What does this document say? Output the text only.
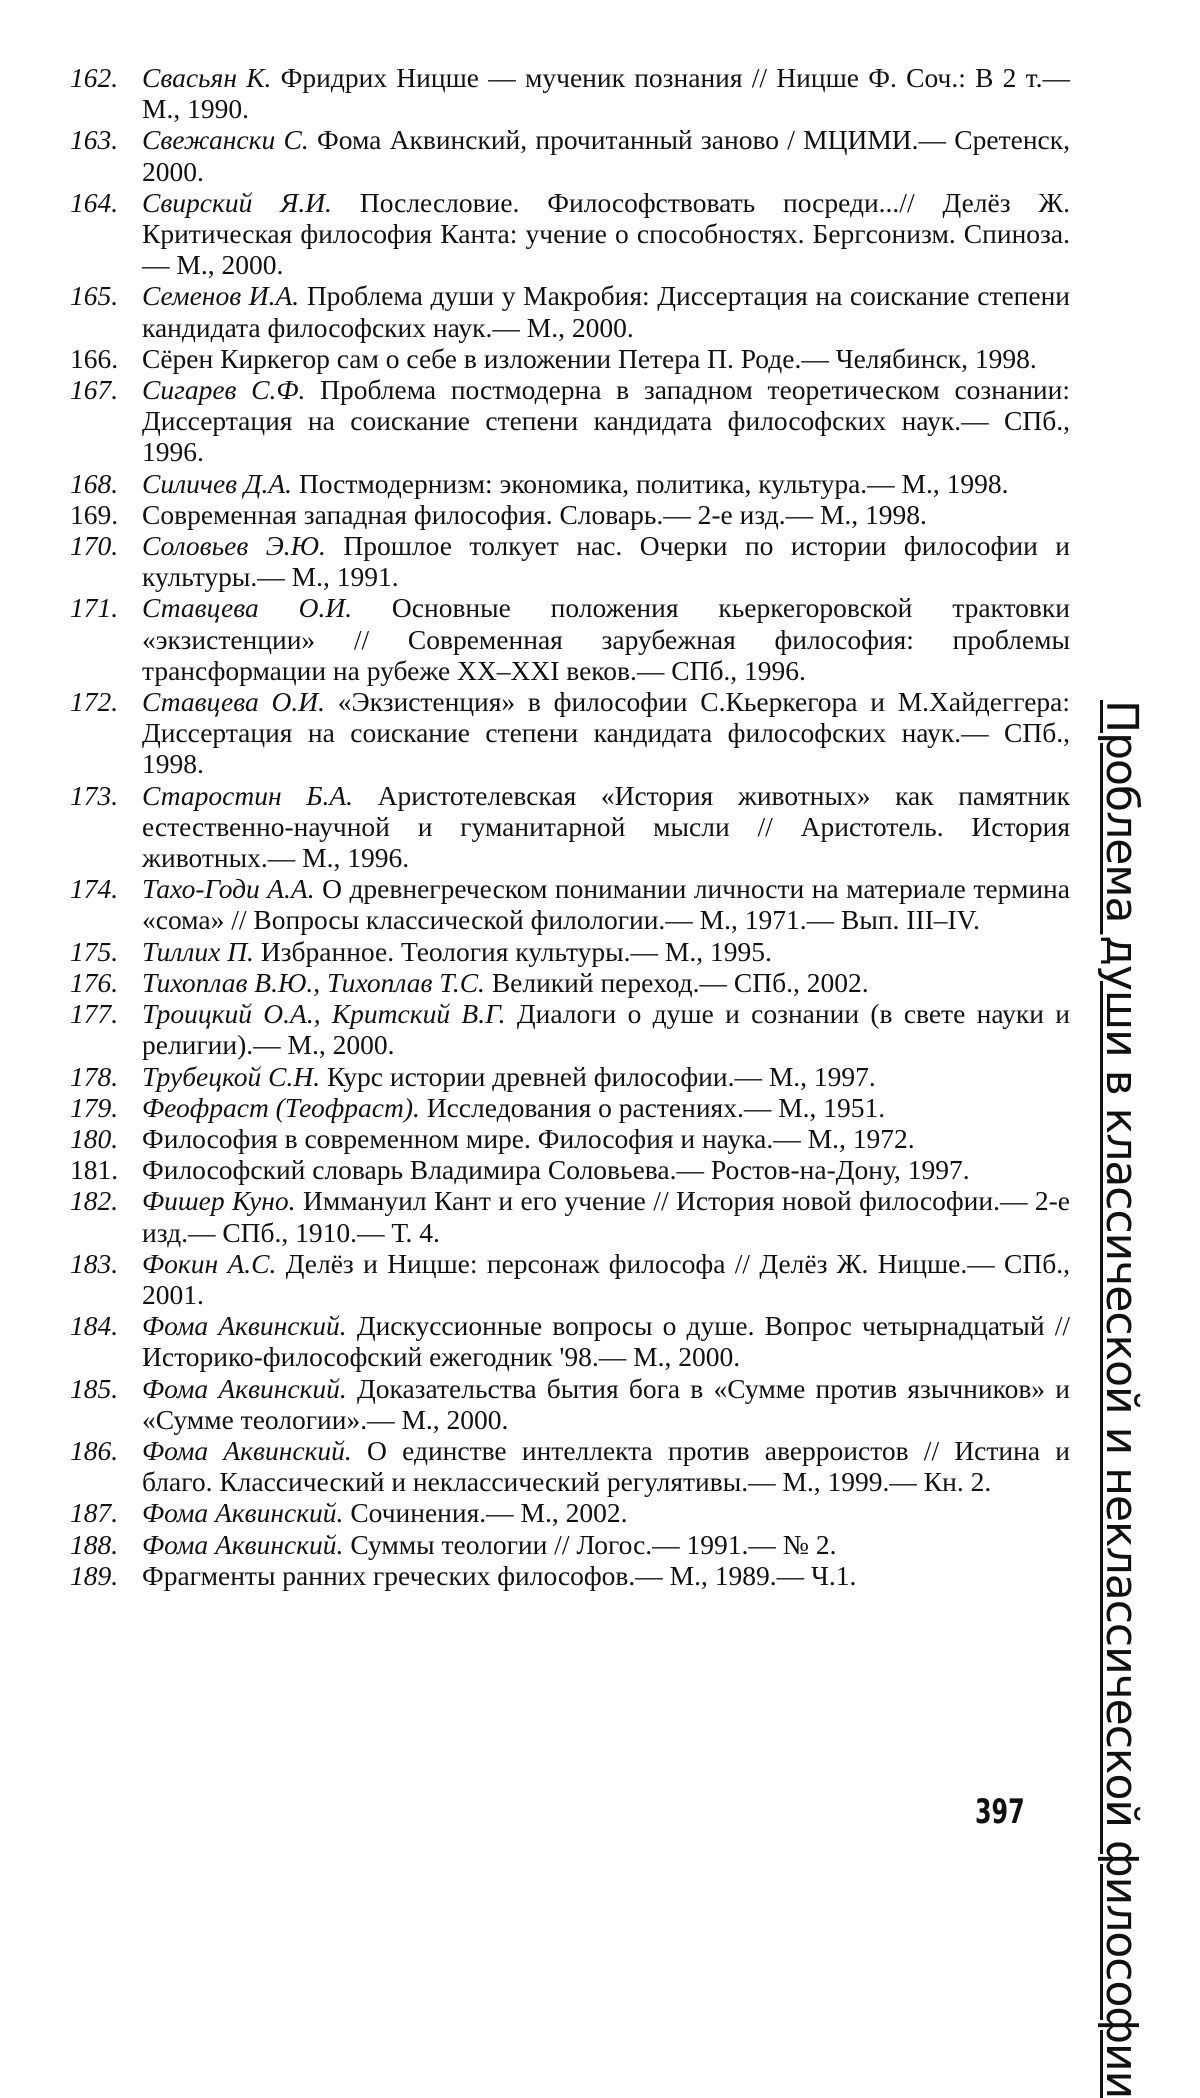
162. Свасьян К. Фридрих Ницше — мученик познания // Ницше Ф. Соч.: В 2 т.— М., 1990.
163. Свежански С. Фома Аквинский, прочитанный заново / МЦИМИ.— Сретенск, 2000.
164. Свирский Я.И. Послесловие. Философствовать посреди...// Делёз Ж. Критическая философия Канта: учение о способностях. Бергсонизм. Спиноза.— М., 2000.
165. Семенов И.А. Проблема души у Макробия: Диссертация на соискание степени кандидата философских наук.— М., 2000.
166. Сёрен Киркегор сам о себе в изложении Петера П. Роде.— Челябинск, 1998.
167. Сигарев С.Ф. Проблема постмодерна в западном теоретическом сознании: Диссертация на соискание степени кандидата философских наук.— СПб., 1996.
168. Силичев Д.А. Постмодернизм: экономика, политика, культура.— М., 1998.
169. Современная западная философия. Словарь.— 2-е изд.— М., 1998.
170. Соловьев Э.Ю. Прошлое толкует нас. Очерки по истории философии и культуры.— М., 1991.
171. Ставцева О.И. Основные положения кьеркегоровской трактовки «экзистенции» // Современная зарубежная философия: проблемы трансформации на рубеже XX–XXI веков.— СПб., 1996.
172. Ставцева О.И. «Экзистенция» в философии С.Кьеркегора и М.Хайдеггера: Диссертация на соискание степени кандидата философских наук.— СПб., 1998.
173. Старостин Б.А. Аристотелевская «История животных» как памятник естественно-научной и гуманитарной мысли // Аристотель. История животных.— М., 1996.
174. Тахо-Годи А.А. О древнегреческом понимании личности на материале термина «сома» // Вопросы классической филологии.— М., 1971.— Вып. III–IV.
175. Тиллих П. Избранное. Теология культуры.— М., 1995.
176. Тихоплав В.Ю., Тихоплав Т.С. Великий переход.— СПб., 2002.
177. Троицкий О.А., Критский В.Г. Диалоги о душе и сознании (в свете науки и религии).— М., 2000.
178. Трубецкой С.Н. Курс истории древней философии.— М., 1997.
179. Феофраст (Теофраст). Исследования о растениях.— М., 1951.
180. Философия в современном мире. Философия и наука.— М., 1972.
181. Философский словарь Владимира Соловьева.— Ростов-на-Дону, 1997.
182. Фишер Куно. Иммануил Кант и его учение // История новой философии.— 2-е изд.— СПб., 1910.— Т. 4.
183. Фокин А.С. Делёз и Ницше: персонаж философа // Делёз Ж. Ницше.— СПб., 2001.
184. Фома Аквинский. Дискуссионные вопросы о душе. Вопрос четырнадцатый // Историко-философский ежегодник '98.— М., 2000.
185. Фома Аквинский. Доказательства бытия бога в «Сумме против язычников» и «Сумме теологии».— М., 2000.
186. Фома Аквинский. О единстве интеллекта против аверроистов // Истина и благо. Классический и неклассический регулятивы.— М., 1999.— Кн. 2.
187. Фома Аквинский. Сочинения.— М., 2002.
188. Фома Аквинский. Суммы теологии // Логос.— 1991.— № 2.
189. Фрагменты ранних греческих философов.— М., 1989.— Ч.1.	Проблема души в классической и неклассической философии
397
